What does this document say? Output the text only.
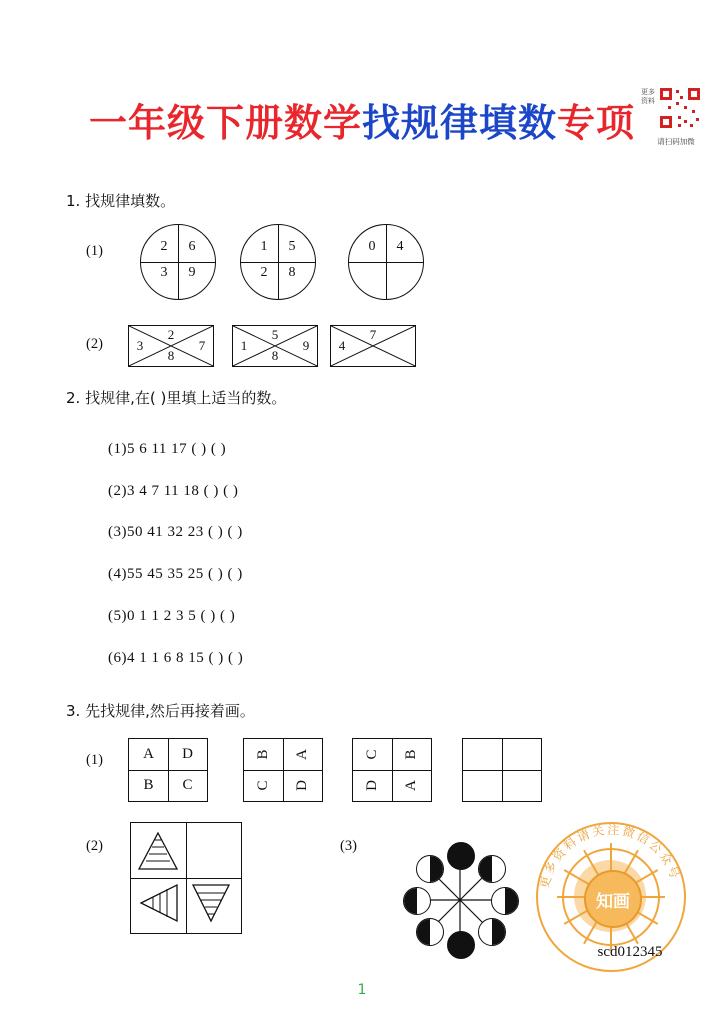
一年级下册数学找规律填数专项
更多资料
请扫码加微
1. 找规律填数。
(1)	2	6
3	9
1	5
2	8
0	4
(2)
2
8
3	7
5
8
1	9
7
4
2. 找规律,在( )里填上适当的数。
(1)5 6 11 17 ( ) ( )
(2)3 4 7 11 18 ( ) ( )
(3)50 41 32 23 ( ) ( )
(4)55 45 35 25 ( ) ( )
(5)0 1 1 2 3 5 ( ) ( )
(6)4 1 1 6 8 15 ( ) ( )
3. 先找规律,然后再接着画。
(1)	A	D
B	C
B	A
C	D
C	B
D	A
(2)	(3)
知画
更多资料请关注微信公众号
scd012345
1
